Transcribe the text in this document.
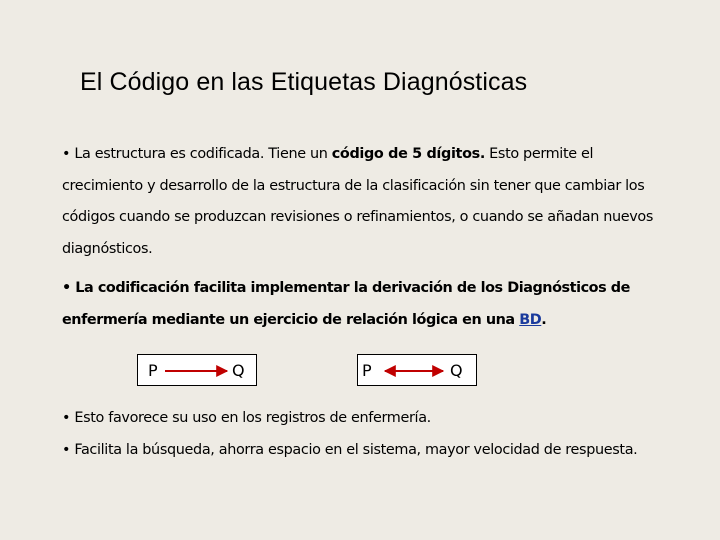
El Código en las Etiquetas Diagnósticas
• La estructura es codificada. Tiene un código de 5 dígitos. Esto permite el crecimiento y desarrollo de la estructura de la clasificación sin tener que cambiar los códigos cuando se produzcan revisiones o refinamientos, o cuando se añadan nuevos diagnósticos.
• La codificación facilita implementar la derivación de los Diagnósticos de enfermería mediante un ejercicio de relación lógica en una BD.
P	Q	P	Q
• Esto favorece su uso en los registros de enfermería.
• Facilita la búsqueda, ahorra espacio en el sistema, mayor velocidad de respuesta.
